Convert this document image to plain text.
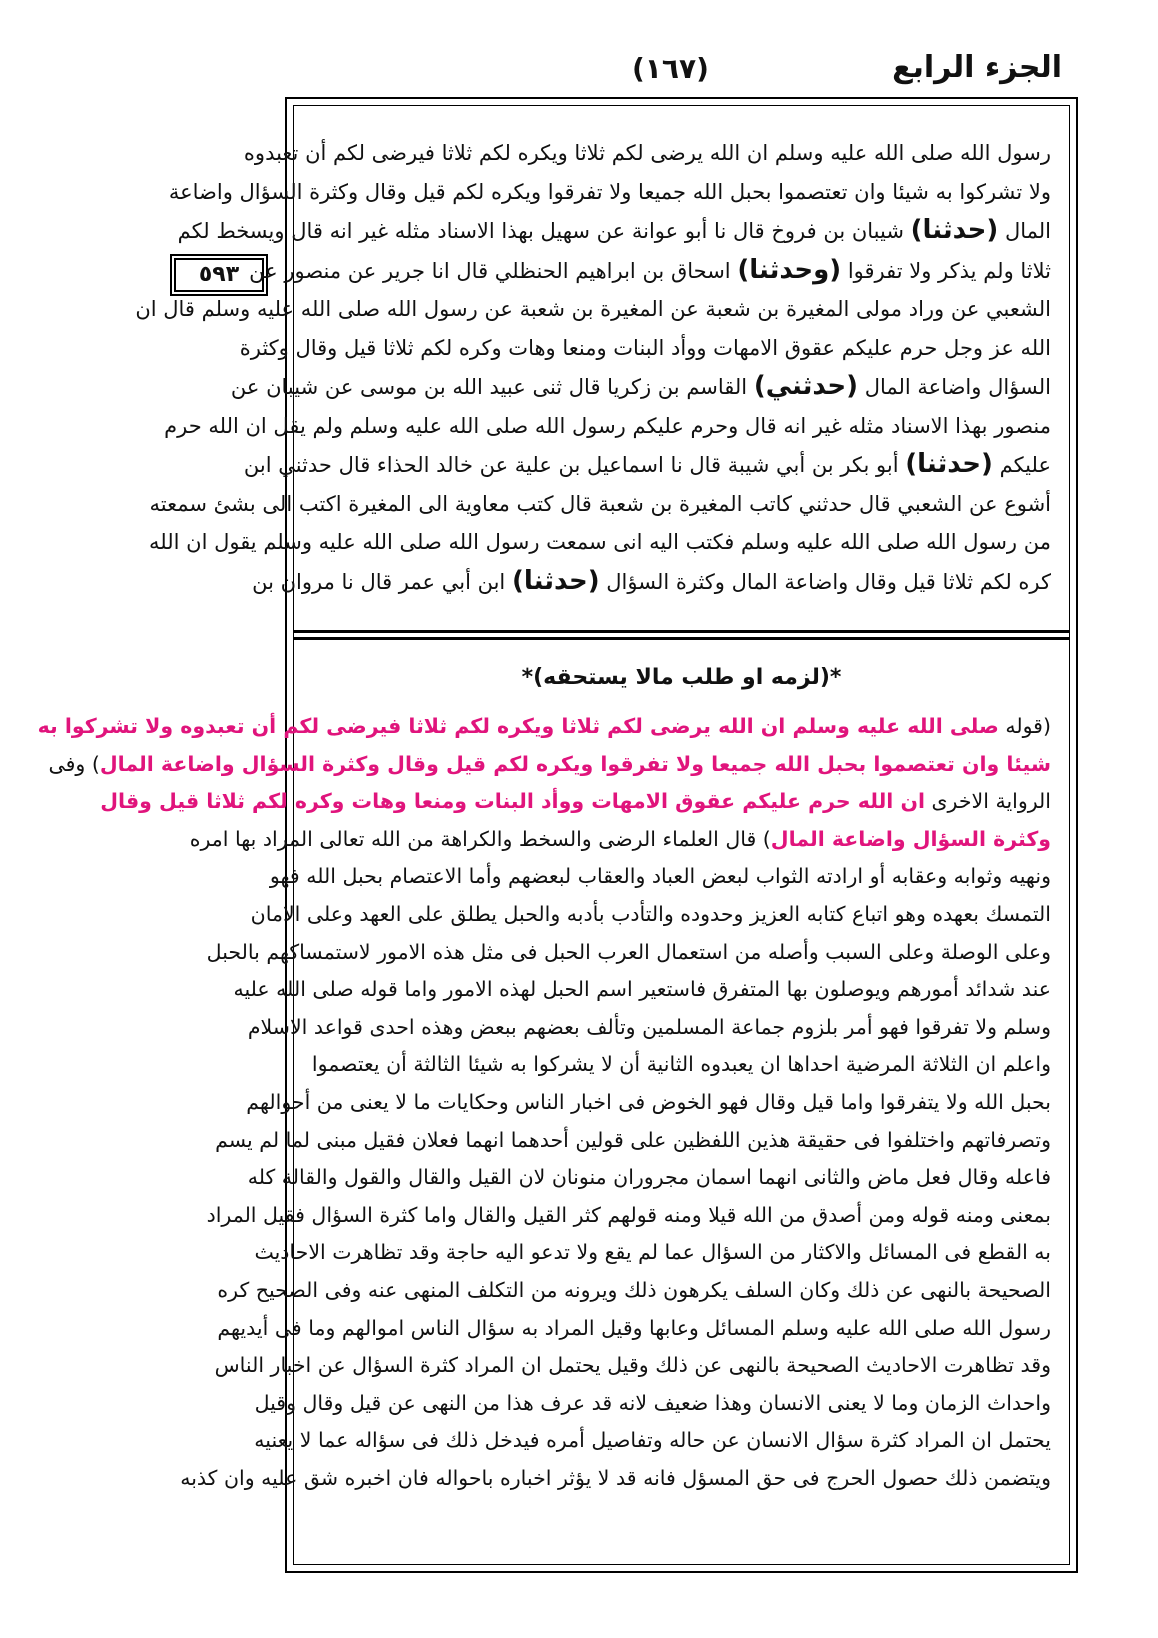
(١٦٧)	الجزء الرابع
٥٩٣
رسول الله صلى الله عليه وسلم ان الله يرضى لكم ثلاثا ويكره لكم ثلاثا فيرضى لكم أن تعبدوه
ولا تشركوا به شيئا وان تعتصموا بحبل الله جميعا ولا تفرقوا ويكره لكم قيل وقال وكثرة السؤال واضاعة
المال (حدثنا) شيبان بن فروخ قال نا أبو عوانة عن سهيل بهذا الاسناد مثله غير انه قال ويسخط لكم
ثلاثا ولم يذكر ولا تفرقوا (وحدثنا) اسحاق بن ابراهيم الحنظلي قال انا جرير عن منصور عن
الشعبي عن وراد مولى المغيرة بن شعبة عن المغيرة بن شعبة عن رسول الله صلى الله عليه وسلم قال ان
الله عز وجل حرم عليكم عقوق الامهات ووأد البنات ومنعا وهات وكره لكم ثلاثا قيل وقال وكثرة
السؤال واضاعة المال (حدثني) القاسم بن زكريا قال ثنى عبيد الله بن موسى عن شيبان عن
منصور بهذا الاسناد مثله غير انه قال وحرم عليكم رسول الله صلى الله عليه وسلم ولم يقل ان الله حرم
عليكم (حدثنا) أبو بكر بن أبي شيبة قال نا اسماعيل بن علية عن خالد الحذاء قال حدثني ابن
أشوع عن الشعبي قال حدثني كاتب المغيرة بن شعبة قال كتب معاوية الى المغيرة اكتب الى بشئ سمعته
من رسول الله صلى الله عليه وسلم فكتب اليه انى سمعت رسول الله صلى الله عليه وسلم يقول ان الله
كره لكم ثلاثا قيل وقال واضاعة المال وكثرة السؤال (حدثنا) ابن أبي عمر قال نا مروان بن
*(لزمه او طلب مالا يستحقه)*
(قوله صلى الله عليه وسلم ان الله يرضى لكم ثلاثا ويكره لكم ثلاثا فيرضى لكم أن تعبدوه ولا تشركوا به
شيئا وان تعتصموا بحبل الله جميعا ولا تفرقوا ويكره لكم قيل وقال وكثرة السؤال واضاعة المال) وفى
الرواية الاخرى ان الله حرم عليكم عقوق الامهات ووأد البنات ومنعا وهات وكره لكم ثلاثا قيل وقال
وكثرة السؤال واضاعة المال) قال العلماء الرضى والسخط والكراهة من الله تعالى المراد بها امره
ونهيه وثوابه وعقابه أو ارادته الثواب لبعض العباد والعقاب لبعضهم وأما الاعتصام بحبل الله فهو
التمسك بعهده وهو اتباع كتابه العزيز وحدوده والتأدب بأدبه والحبل يطلق على العهد وعلى الامان
وعلى الوصلة وعلى السبب وأصله من استعمال العرب الحبل فى مثل هذه الامور لاستمساكهم بالحبل
عند شدائد أمورهم ويوصلون بها المتفرق فاستعير اسم الحبل لهذه الامور واما قوله صلى الله عليه
وسلم ولا تفرقوا فهو أمر بلزوم جماعة المسلمين وتألف بعضهم ببعض وهذه احدى قواعد الاسلام
واعلم ان الثلاثة المرضية احداها ان يعبدوه الثانية أن لا يشركوا به شيئا الثالثة أن يعتصموا
بحبل الله ولا يتفرقوا واما قيل وقال فهو الخوض فى اخبار الناس وحكايات ما لا يعنى من أحوالهم
وتصرفاتهم واختلفوا فى حقيقة هذين اللفظين على قولين أحدهما انهما فعلان فقيل مبنى لما لم يسم
فاعله وقال فعل ماض والثانى انهما اسمان مجروران منونان لان القيل والقال والقول والقالة كله
بمعنى ومنه قوله ومن أصدق من الله قيلا ومنه قولهم كثر القيل والقال واما كثرة السؤال فقيل المراد
به القطع فى المسائل والاكثار من السؤال عما لم يقع ولا تدعو اليه حاجة وقد تظاهرت الاحاديث
الصحيحة بالنهى عن ذلك وكان السلف يكرهون ذلك ويرونه من التكلف المنهى عنه وفى الصحيح كره
رسول الله صلى الله عليه وسلم المسائل وعابها وقيل المراد به سؤال الناس اموالهم وما فى أيديهم
وقد تظاهرت الاحاديث الصحيحة بالنهى عن ذلك وقيل يحتمل ان المراد كثرة السؤال عن اخبار الناس
واحداث الزمان وما لا يعنى الانسان وهذا ضعيف لانه قد عرف هذا من النهى عن قيل وقال وقيل
يحتمل ان المراد كثرة سؤال الانسان عن حاله وتفاصيل أمره فيدخل ذلك فى سؤاله عما لا يعنيه
ويتضمن ذلك حصول الحرج فى حق المسؤل فانه قد لا يؤثر اخباره باحواله فان اخبره شق عليه وان كذبه
